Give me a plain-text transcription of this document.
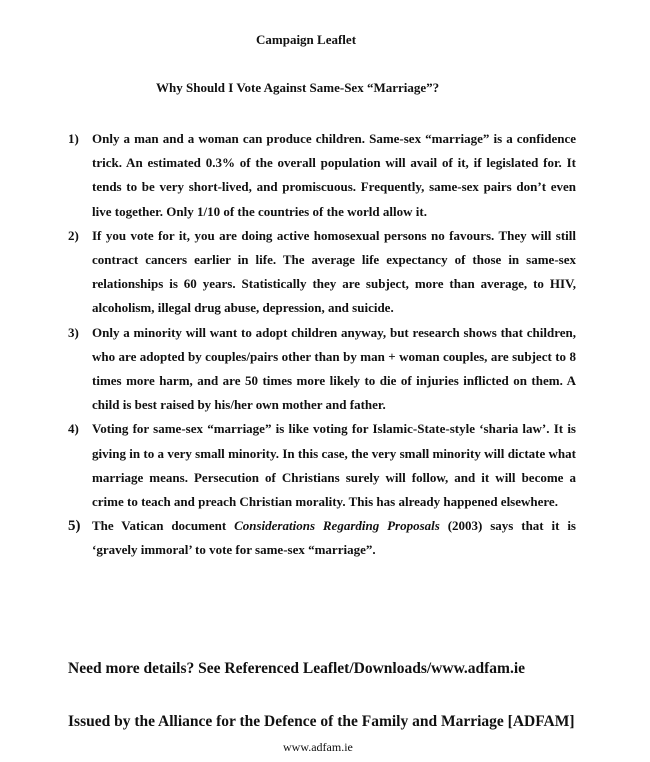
Campaign Leaflet
Why Should I Vote Against Same-Sex “Marriage”?
1)	Only a man and a woman can produce children. Same-sex “marriage” is a confidence trick. An estimated 0.3% of the overall population will avail of it, if legislated for. It tends to be very short-lived, and promiscuous. Frequently, same-sex pairs don’t even live together. Only 1/10 of the countries of the world allow it.
2)	If you vote for it, you are doing active homosexual persons no favours. They will still contract cancers earlier in life. The average life expectancy of those in same-sex relationships is 60 years. Statistically they are subject, more than average, to HIV, alcoholism, illegal drug abuse, depression, and suicide.
3)	Only a minority will want to adopt children anyway, but research shows that children, who are adopted by couples/pairs other than by man + woman couples, are subject to 8 times more harm, and are 50 times more likely to die of injuries inflicted on them. A child is best raised by his/her own mother and father.
4)	Voting for same-sex “marriage” is like voting for Islamic-State-style ‘sharia law’. It is giving in to a very small minority. In this case, the very small minority will dictate what marriage means. Persecution of Christians surely will follow, and it will become a crime to teach and preach Christian morality. This has already happened elsewhere.
5) The Vatican document Considerations Regarding Proposals (2003) says that it is ‘gravely immoral’ to vote for same-sex “marriage”.
Need more details? See Referenced Leaflet/Downloads/www.adfam.ie
Issued by the Alliance for the Defence of the Family and Marriage [ADFAM]
www.adfam.ie
